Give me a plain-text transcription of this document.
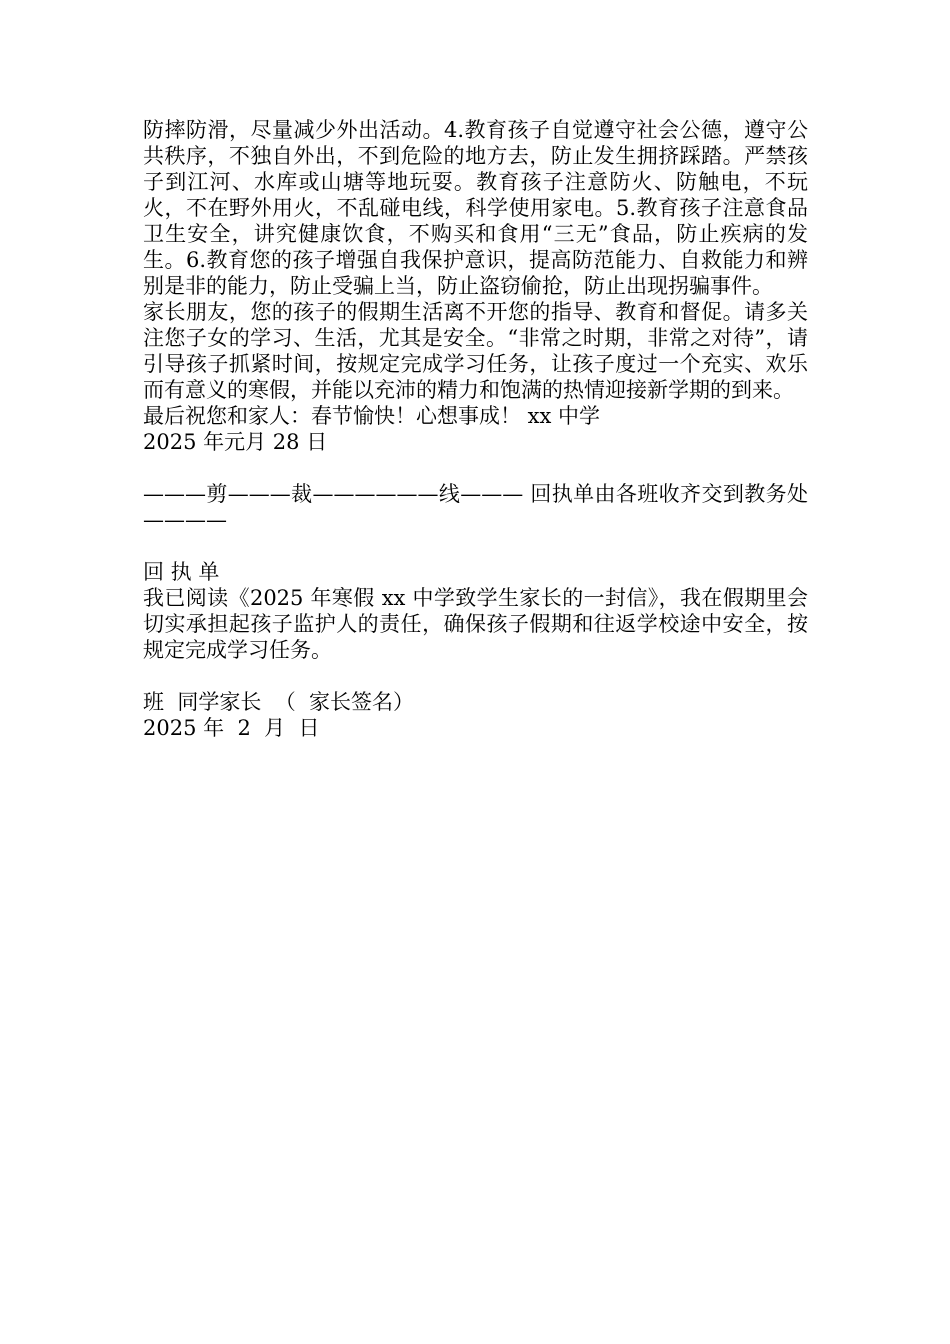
防摔防滑，尽量减少外出活动。4.教育孩子自觉遵守社会公德，遵守公共秩序，不独自外出，不到危险的地方去，防止发生拥挤踩踏。严禁孩子到江河、水库或山塘等地玩耍。教育孩子注意防火、防触电，不玩火，不在野外用火，不乱碰电线，科学使用家电。5.教育孩子注意食品卫生安全，讲究健康饮食，不购买和食用“三无”食品，防止疾病的发生。6.教育您的孩子增强自我保护意识，提高防范能力、自救能力和辨别是非的能力，防止受骗上当，防止盗窃偷抢，防止出现拐骗事件。

家长朋友，您的孩子的假期生活离不开您的指导、教育和督促。请多关注您子女的学习、生活，尤其是安全。“非常之时期，非常之对待”，请引导孩子抓紧时间，按规定完成学习任务，让孩子度过一个充实、欢乐而有意义的寒假，并能以充沛的精力和饱满的热情迎接新学期的到来。

最后祝您和家人：春节愉快！心想事成！ xx 中学

2025 年元月 28 日

———剪———裁——————线——— 回执单由各班收齐交到教务处————

回 执 单

我已阅读《2025 年寒假 xx 中学致学生家长的一封信》，我在假期里会切实承担起孩子监护人的责任，确保孩子假期和往返学校途中安全，按规定完成学习任务。

班  同学家长  （  家长签名）

2025 年  2  月  日
